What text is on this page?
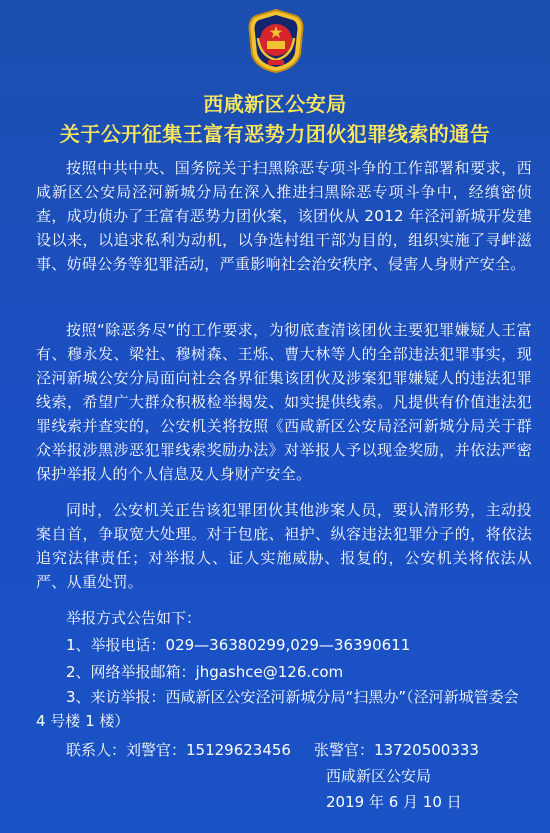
西咸新区公安局
关于公开征集王富有恶势力团伙犯罪线索的通告
按照中共中央、国务院关于扫黑除恶专项斗争的工作部署和要求，西咸新区公安局泾河新城分局在深入推进扫黑除恶专项斗争中，经缜密侦查，成功侦办了王富有恶势力团伙案，该团伙从 2012 年泾河新城开发建设以来，以追求私利为动机，以争选村组干部为目的，组织实施了寻衅滋事、妨碍公务等犯罪活动，严重影响社会治安秩序、侵害人身财产安全。
按照“除恶务尽”的工作要求，为彻底查清该团伙主要犯罪嫌疑人王富有、穆永发、梁社、穆树森、王烁、曹大林等人的全部违法犯罪事实，现泾河新城公安分局面向社会各界征集该团伙及涉案犯罪嫌疑人的违法犯罪线索，希望广大群众积极检举揭发、如实提供线索。凡提供有价值违法犯罪线索并查实的，公安机关将按照《西咸新区公安局泾河新城分局关于群众举报涉黑涉恶犯罪线索奖励办法》对举报人予以现金奖励，并依法严密保护举报人的个人信息及人身财产安全。
同时，公安机关正告该犯罪团伙其他涉案人员，要认清形势，主动投案自首，争取宽大处理。对于包庇、袒护、纵容违法犯罪分子的，将依法追究法律责任；对举报人、证人实施威胁、报复的，公安机关将依法从严、从重处罚。
举报方式公告如下：
1、举报电话：029—36380299,029—36390611
2、网络举报邮箱：jhgashce@126.com
3、来访举报：西咸新区公安泾河新城分局“扫黑办”（泾河新城管委会 4 号楼 1 楼）
联系人：刘警官：15129623456 张警官：13720500333
西咸新区公安局
2019 年 6 月 10 日
